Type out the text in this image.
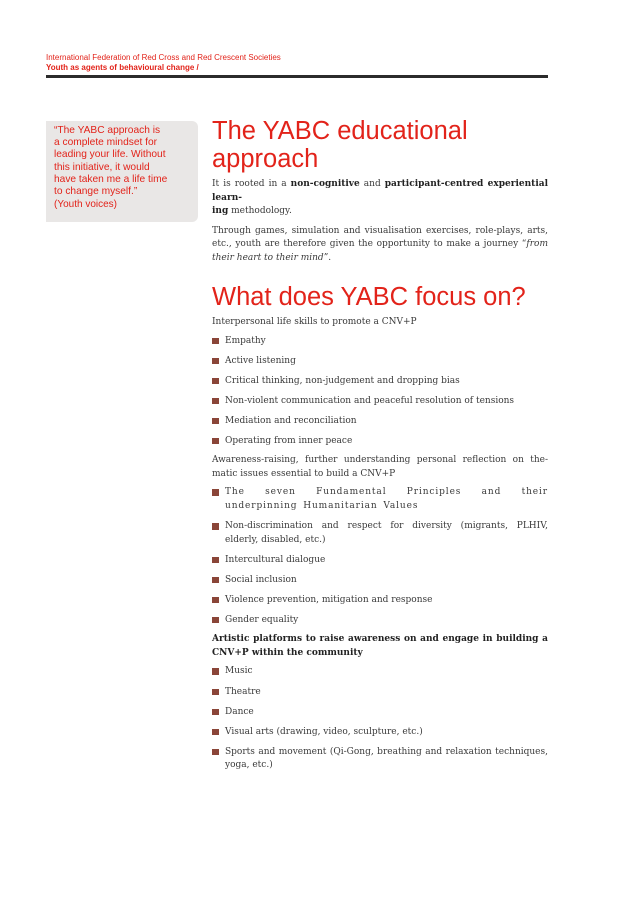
International Federation of Red Cross and Red Crescent Societies
Youth as agents of behavioural change /
“The YABC approach is
a complete mindset for
leading your life. Without
this initiative, it would
have taken me a life time
to change myself.”
(Youth voices)
The YABC educational
approach

It is rooted in a non-cognitive and participant-centred experiential learn-
ing methodology.

Through games, simulation and visualisation exercises, role-plays, arts, etc., youth are therefore given the opportunity to make a journey “from their heart to their mind”.

What does YABC focus on?

Interpersonal life skills to promote a CNV+P

Empathy
Active listening
Critical thinking, non-judgement and dropping bias
Non-violent communication and peaceful resolution of tensions
Mediation and reconciliation
Operating from inner peace

Awareness-raising, further understanding personal reflection on the-matic issues essential to build a CNV+P

The seven Fundamental Principles and their underpinning Humanitarian Values
Non-discrimination and respect for diversity (migrants, PLHIV, elderly, disabled, etc.)
Intercultural dialogue
Social inclusion
Violence prevention, mitigation and response
Gender equality

Artistic platforms to raise awareness on and engage in building a CNV+P within the community

Music
Theatre
Dance
Visual arts (drawing, video, sculpture, etc.)
Sports and movement (Qi-Gong, breathing and relaxation techniques, yoga, etc.)
